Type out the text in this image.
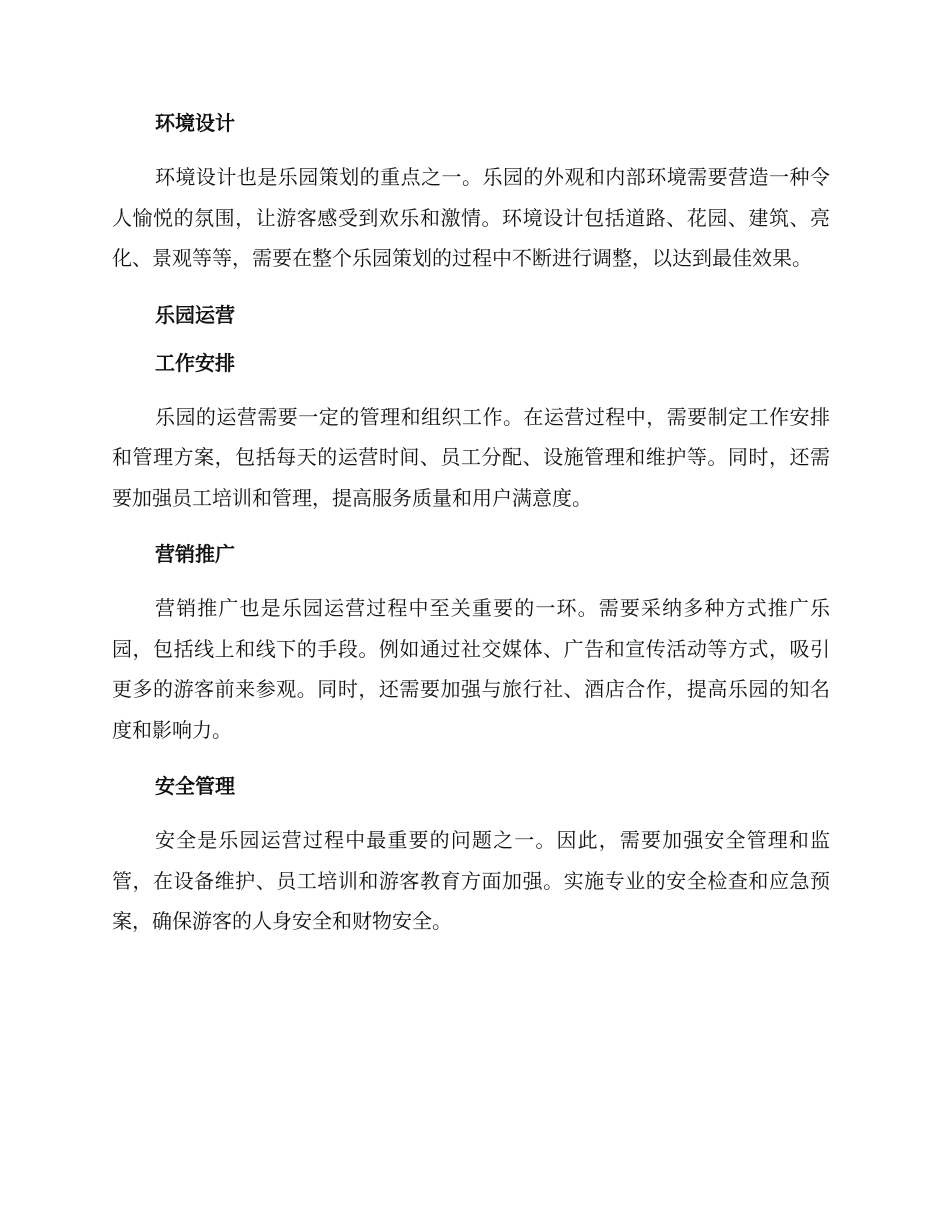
环境设计

环境设计也是乐园策划的重点之一。乐园的外观和内部环境需要营造一种令人愉悦的氛围，让游客感受到欢乐和激情。环境设计包括道路、花园、建筑、亮化、景观等等，需要在整个乐园策划的过程中不断进行调整，以达到最佳效果。

乐园运营
工作安排

乐园的运营需要一定的管理和组织工作。在运营过程中，需要制定工作安排和管理方案，包括每天的运营时间、员工分配、设施管理和维护等。同时，还需要加强员工培训和管理，提高服务质量和用户满意度。

营销推广

营销推广也是乐园运营过程中至关重要的一环。需要采纳多种方式推广乐园，包括线上和线下的手段。例如通过社交媒体、广告和宣传活动等方式，吸引更多的游客前来参观。同时，还需要加强与旅行社、酒店合作，提高乐园的知名度和影响力。

安全管理

安全是乐园运营过程中最重要的问题之一。因此，需要加强安全管理和监管，在设备维护、员工培训和游客教育方面加强。实施专业的安全检查和应急预案，确保游客的人身安全和财物安全。
